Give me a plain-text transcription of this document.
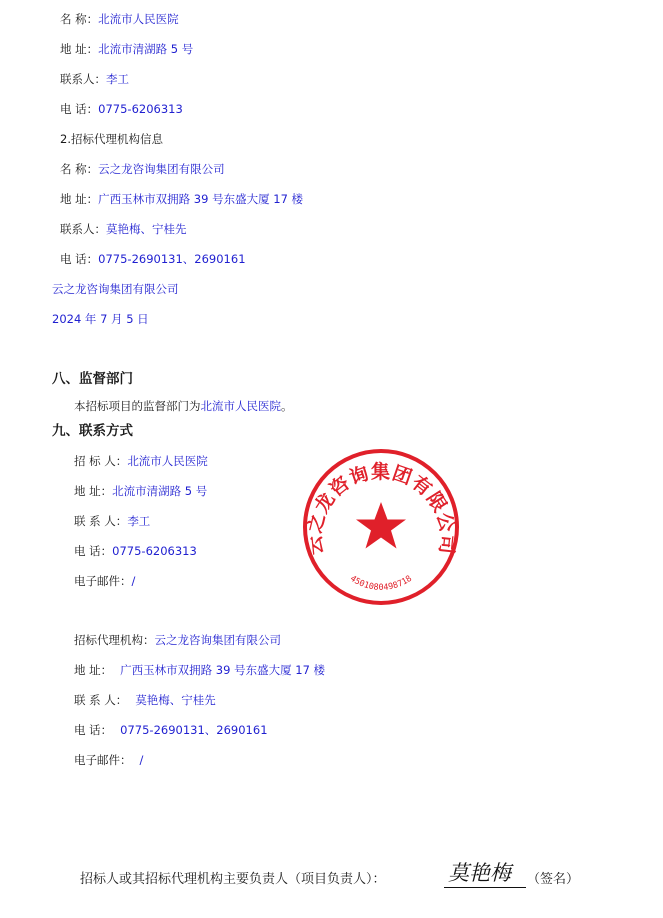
名 称：北流市人民医院
地 址：北流市清湖路 5 号
联系人：李工
电 话：0775-6206313
2.招标代理机构信息
名 称：云之龙咨询集团有限公司
地 址：广西玉林市双拥路 39 号东盛大厦 17 楼
联系人：莫艳梅、宁桂先
电 话：0775-2690131、2690161
云之龙咨询集团有限公司
2024 年 7 月 5 日
八、监督部门
本招标项目的监督部门为北流市人民医院。
九、联系方式
招 标 人：北流市人民医院
地 址：北流市清湖路 5 号
联 系 人：李工
电 话：0775-6206313
电子邮件：/
招标代理机构：云之龙咨询集团有限公司
地 址： 广西玉林市双拥路 39 号东盛大厦 17 楼
联 系 人： 莫艳梅、宁桂先
电 话： 0775-2690131、2690161
电子邮件： /
云之龙咨询集团有限公司
4501080498718
招标人或其招标代理机构主要负责人（项目负责人）：	莫艳梅 （签名）
